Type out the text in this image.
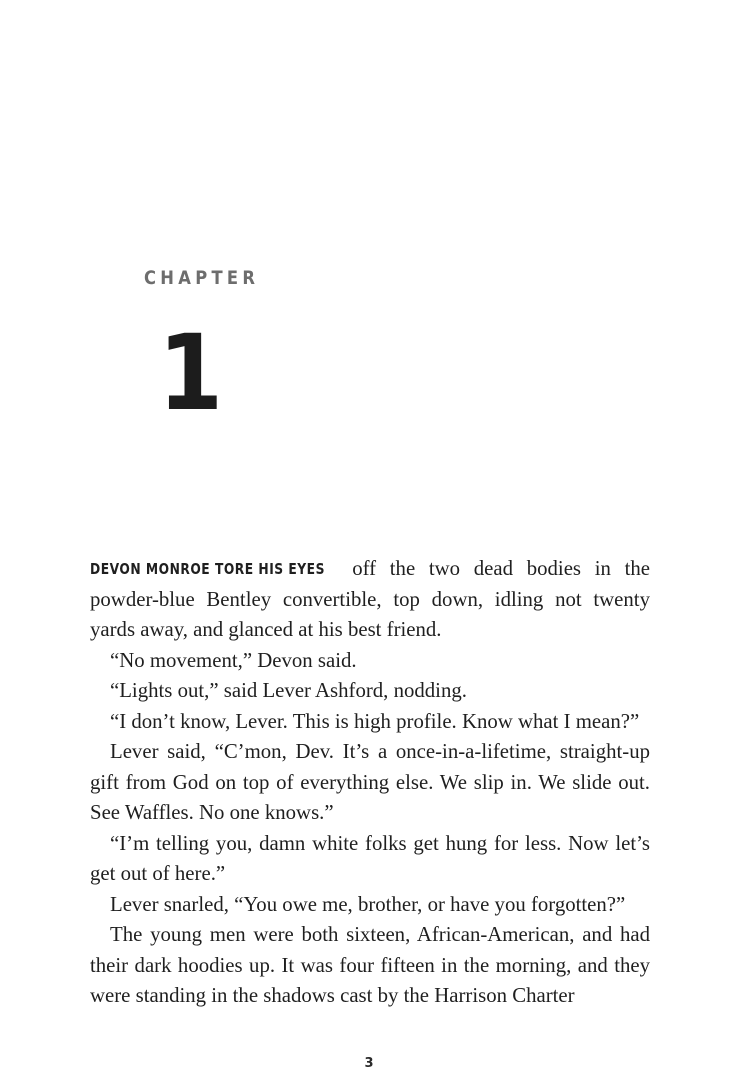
CHAPTER
1

DEVON MONROE TORE HIS EYES off the two dead bodies in the powder-blue Bentley convertible, top down, idling not twenty yards away, and glanced at his best friend.

“No movement,” Devon said.

“Lights out,” said Lever Ashford, nodding.

“I don’t know, Lever. This is high profile. Know what I mean?”

Lever said, “C’mon, Dev. It’s a once-in-a-lifetime, straight-up gift from God on top of everything else. We slip in. We slide out. See Waffles. No one knows.”

“I’m telling you, damn white folks get hung for less. Now let’s get out of here.”

Lever snarled, “You owe me, brother, or have you forgotten?”

The young men were both sixteen, African-American, and had their dark hoodies up. It was four fifteen in the morning, and they were standing in the shadows cast by the Harrison Charter

3
